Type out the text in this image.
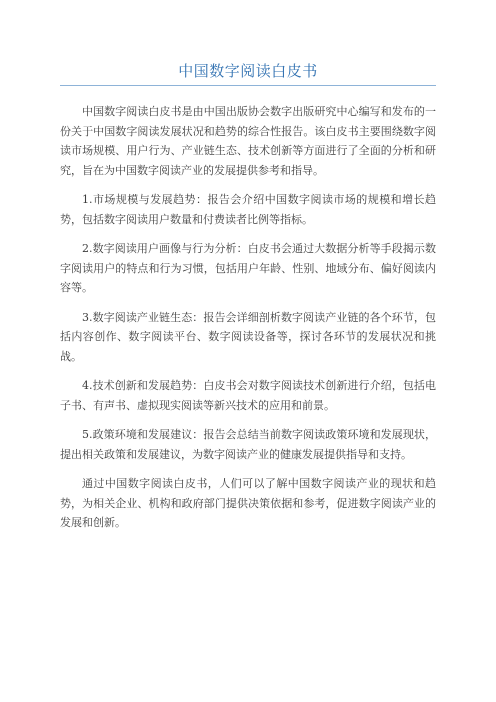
中国数字阅读白皮书

中国数字阅读白皮书是由中国出版协会数字出版研究中心编写和发布的一份关于中国数字阅读发展状况和趋势的综合性报告。该白皮书主要围绕数字阅读市场规模、用户行为、产业链生态、技术创新等方面进行了全面的分析和研究，旨在为中国数字阅读产业的发展提供参考和指导。

1.市场规模与发展趋势：报告会介绍中国数字阅读市场的规模和增长趋势，包括数字阅读用户数量和付费读者比例等指标。

2.数字阅读用户画像与行为分析：白皮书会通过大数据分析等手段揭示数字阅读用户的特点和行为习惯，包括用户年龄、性别、地域分布、偏好阅读内容等。

3.数字阅读产业链生态：报告会详细剖析数字阅读产业链的各个环节，包括内容创作、数字阅读平台、数字阅读设备等，探讨各环节的发展状况和挑战。

4.技术创新和发展趋势：白皮书会对数字阅读技术创新进行介绍，包括电子书、有声书、虚拟现实阅读等新兴技术的应用和前景。

5.政策环境和发展建议：报告会总结当前数字阅读政策环境和发展现状，提出相关政策和发展建议，为数字阅读产业的健康发展提供指导和支持。

通过中国数字阅读白皮书，人们可以了解中国数字阅读产业的现状和趋势，为相关企业、机构和政府部门提供决策依据和参考，促进数字阅读产业的发展和创新。
